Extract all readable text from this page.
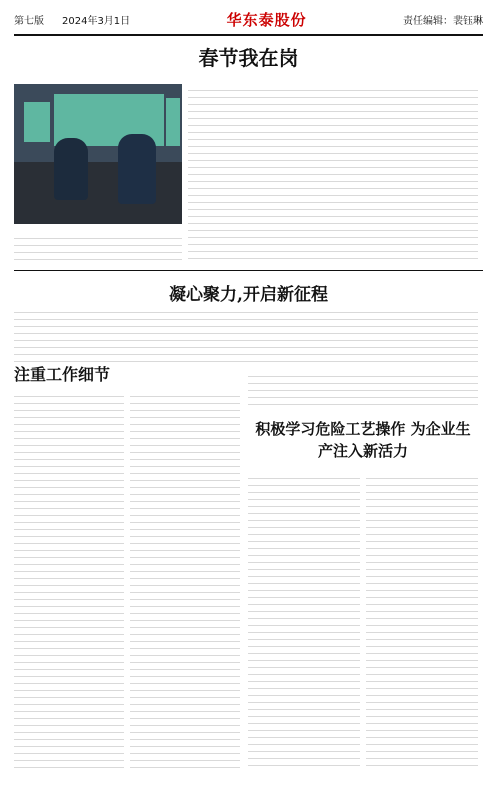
第七版 2024年3月1日	华东泰股份	责任编辑：裴钰琳
春节我在岗
凝心聚力,开启新征程
注重工作细节
积极学习危险工艺操作 为企业生产注入新活力
